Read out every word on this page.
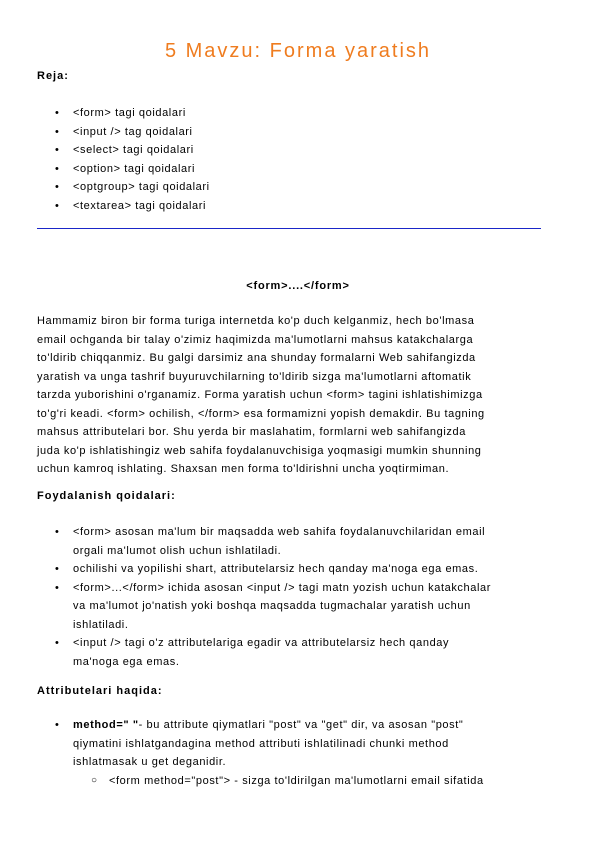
5 Mavzu: Forma yaratish
Reja:
• <form> tagi qoidalari
• <input /> tag qoidalari
• <select> tagi qoidalari
• <option> tagi qoidalari
• <optgroup> tagi qoidalari
• <textarea> tagi qoidalari
<form>....</form>
Hammamiz biron bir forma turiga internetda ko'p duch kelganmiz, hech bo'lmasa
email ochganda bir talay o'zimiz haqimizda ma'lumotlarni mahsus katakchalarga
to'ldirib chiqqanmiz. Bu galgi darsimiz ana shunday formalarni Web sahifangizda
yaratish va unga tashrif buyuruvchilarning to'ldirib sizga ma'lumotlarni aftomatik
tarzda yuborishini o'rganamiz. Forma yaratish uchun <form> tagini ishlatishimizga
to'g'ri keadi. <form> ochilish, </form> esa formamizni yopish demakdir. Bu tagning
mahsus attributelari bor. Shu yerda bir maslahatim, formlarni web sahifangizda
juda ko'p ishlatishingiz web sahifa foydalanuvchisiga yoqmasigi mumkin shunning
uchun kamroq ishlating. Shaxsan men forma to'ldirishni uncha yoqtirmiman.
Foydalanish qoidalari:
• <form> asosan ma'lum bir maqsadda web sahifa foydalanuvchilaridan email
orgali ma'lumot olish uchun ishlatiladi.
• ochilishi va yopilishi shart, attributelarsiz hech qanday ma'noga ega emas.
• <form>...</form> ichida asosan <input /> tagi matn yozish uchun katakchalar
va ma'lumot jo'natish yoki boshqa maqsadda tugmachalar yaratish uchun
ishlatiladi.
• <input /> tagi o'z attributelariga egadir va attributelarsiz hech qanday
ma'noga ega emas.
Attributelari haqida:
• method=" "- bu attribute qiymatlari "post" va "get" dir, va asosan "post"
qiymatini ishlatgandagina method attributi ishlatilinadi chunki method
ishlatmasak u get deganidir.
○ <form method="post"> - sizga to'ldirilgan ma'lumotlarni email sifatida
